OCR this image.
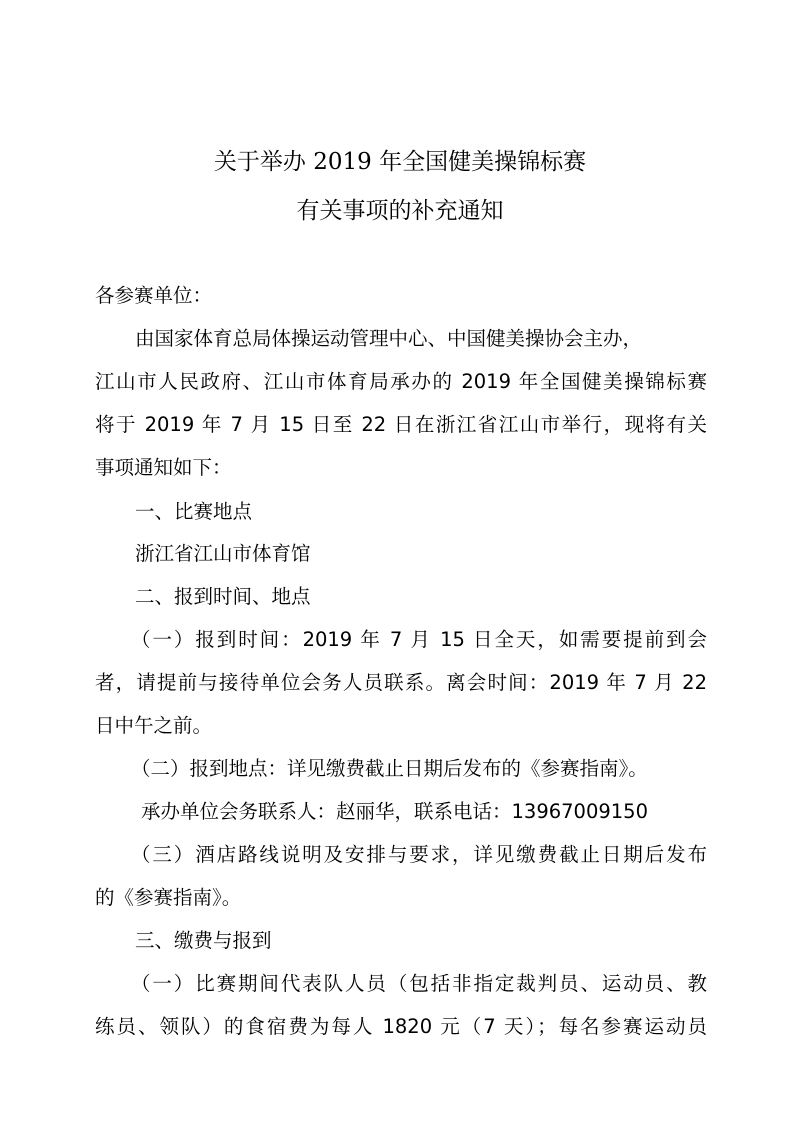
关于举办 2019 年全国健美操锦标赛
有关事项的补充通知
各参赛单位：
由国家体育总局体操运动管理中心、中国健美操协会主办，
江山市人民政府、江山市体育局承办的 2019 年全国健美操锦标赛
将于 2019 年 7 月 15 日至 22 日在浙江省江山市举行，现将有关
事项通知如下：
一、比赛地点
浙江省江山市体育馆
二、报到时间、地点
（一）报到时间：2019 年 7 月 15 日全天，如需要提前到会
者，请提前与接待单位会务人员联系。离会时间：2019 年 7 月 22
日中午之前。
（二）报到地点：详见缴费截止日期后发布的《参赛指南》。
承办单位会务联系人：赵丽华，联系电话：13967009150
（三）酒店路线说明及安排与要求，详见缴费截止日期后发布
的《参赛指南》。
三、缴费与报到
（一）比赛期间代表队人员（包括非指定裁判员、运动员、教
练员、领队）的食宿费为每人 1820 元（7 天）；每名参赛运动员
